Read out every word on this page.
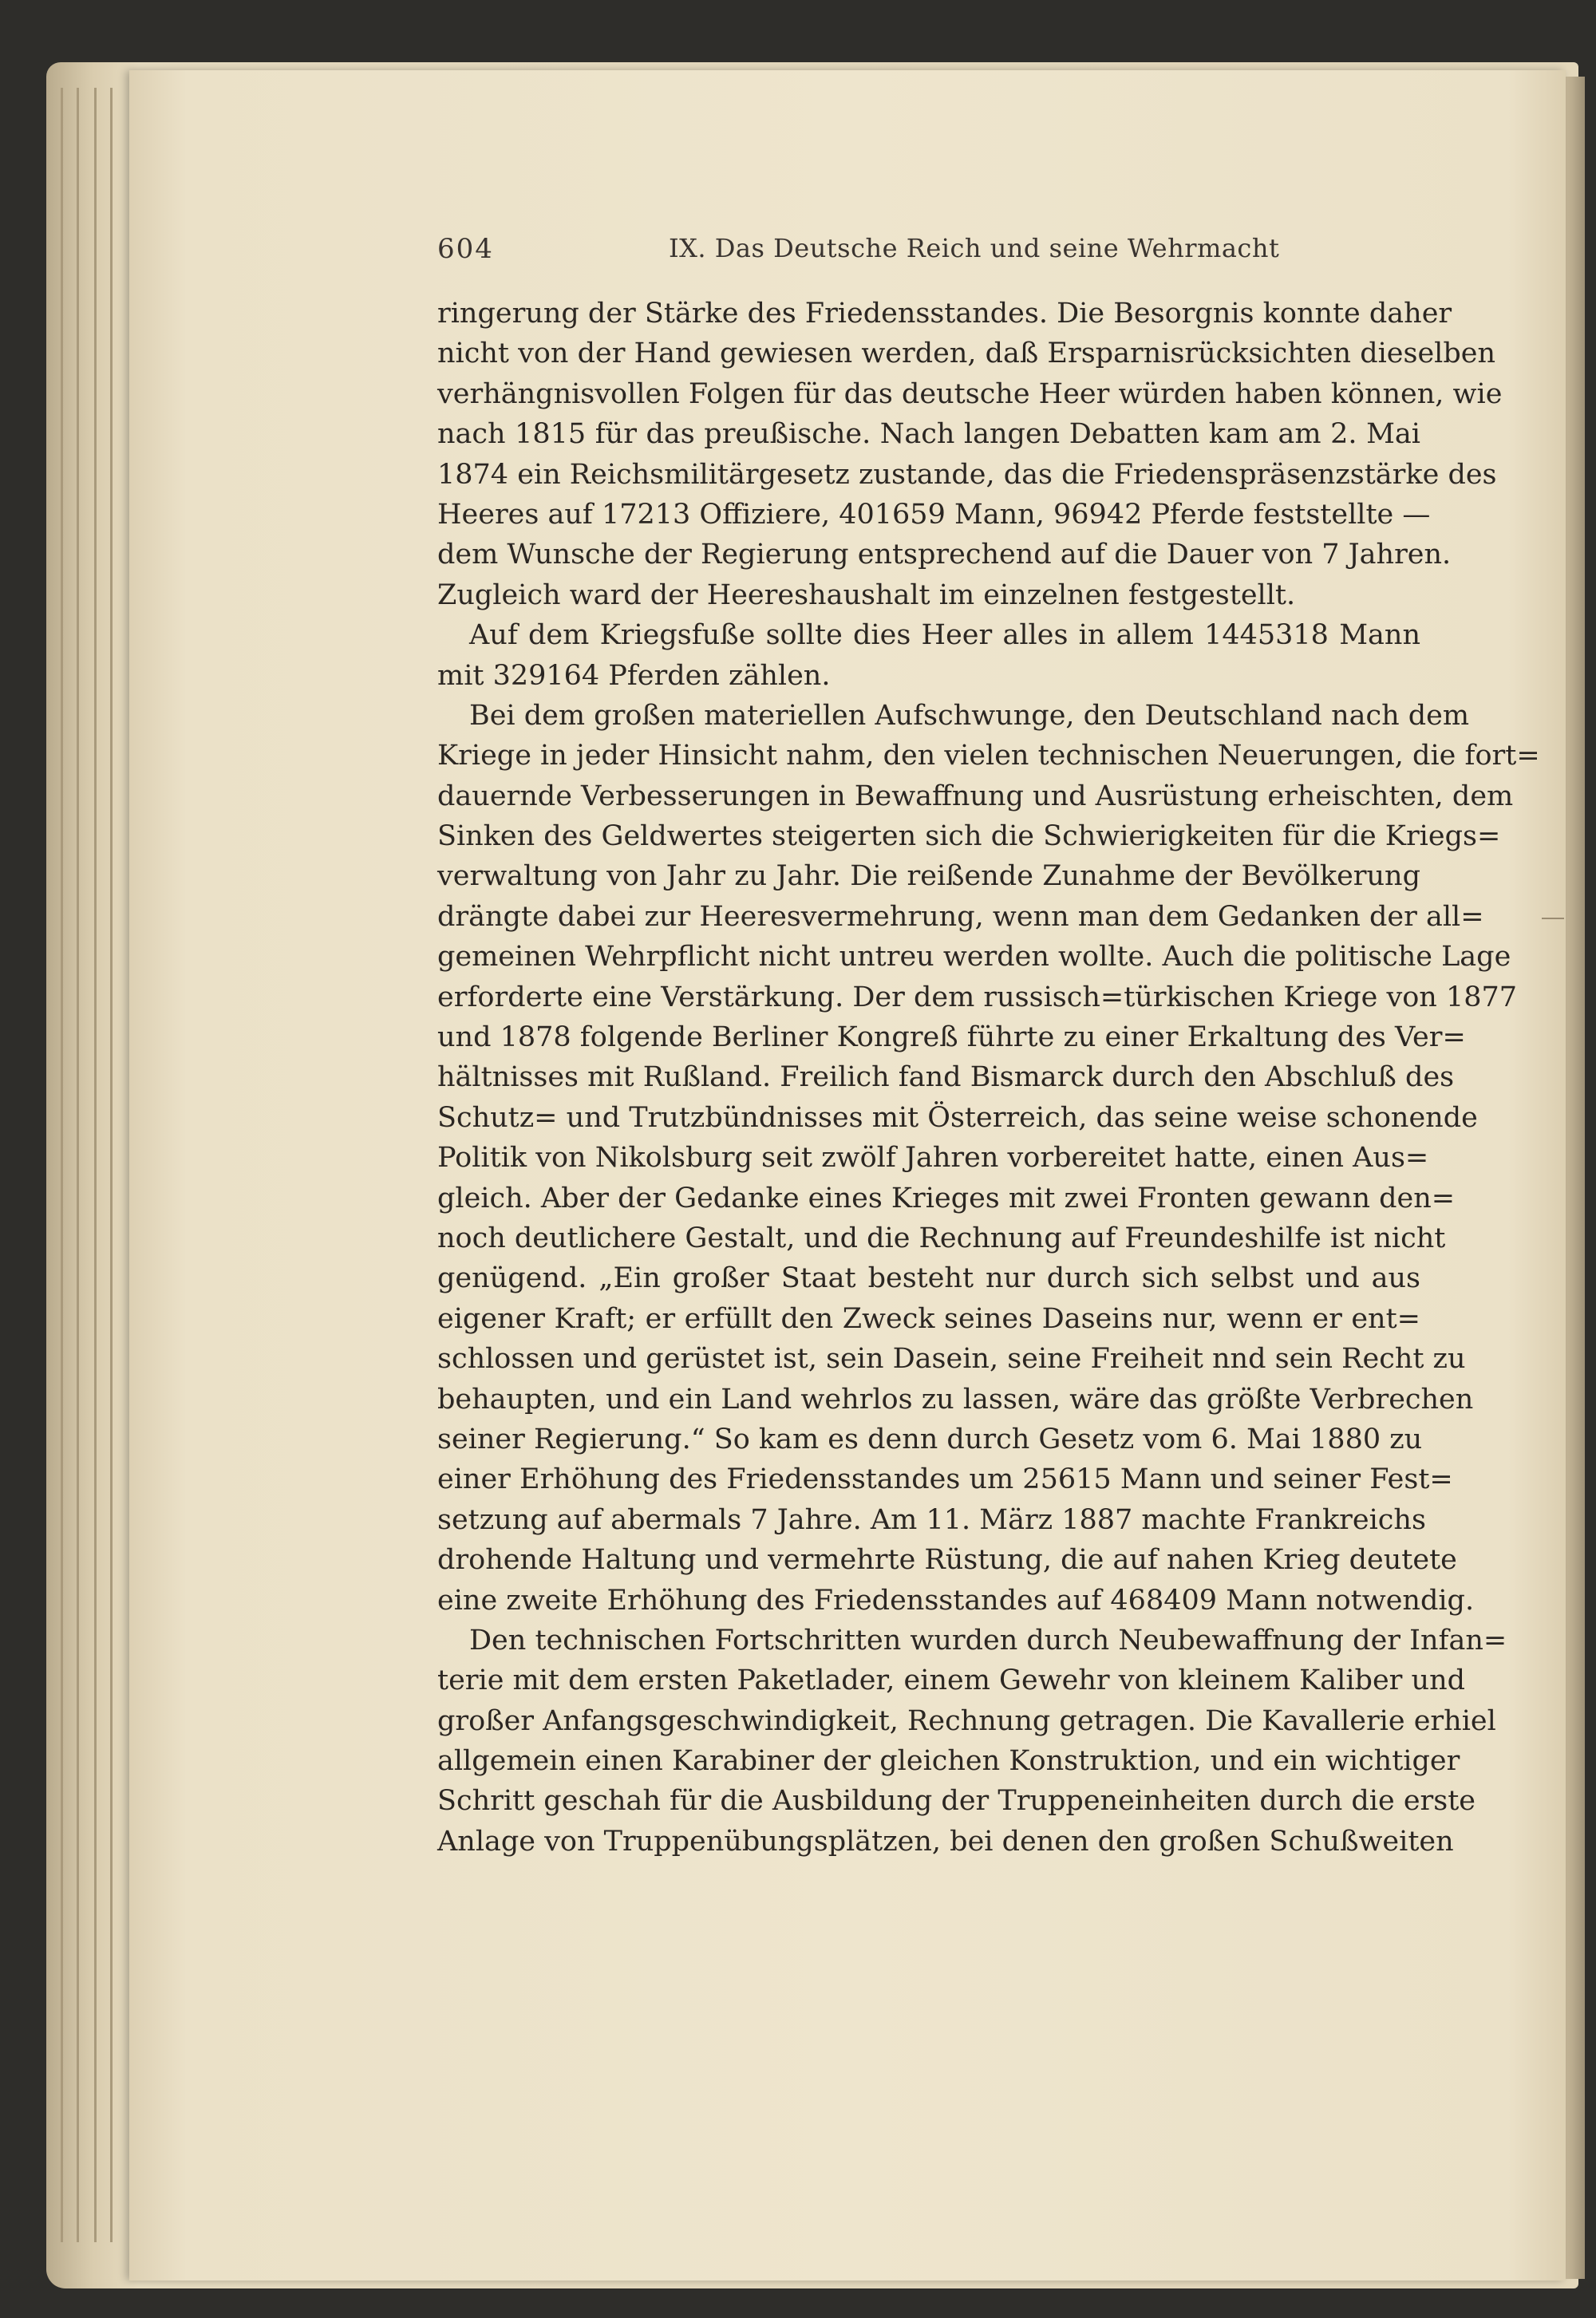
604	IX. Das Deutsche Reich und seine Wehrmacht
ringerung der Stärke des Friedensstandes. Die Besorgnis konnte daher
nicht von der Hand gewiesen werden, daß Ersparnisrücksichten dieselben
verhängnisvollen Folgen für das deutsche Heer würden haben können, wie
nach 1815 für das preußische. Nach langen Debatten kam am 2. Mai
1874 ein Reichsmilitärgesetz zustande, das die Friedenspräsenzstärke des
Heeres auf 17213 Offiziere, 401659 Mann, 96942 Pferde feststellte —
dem Wunsche der Regierung entsprechend auf die Dauer von 7 Jahren.
Zugleich ward der Heereshaushalt im einzelnen festgestellt.
Auf dem Kriegsfuße sollte dies Heer alles in allem 1445318 Mann
mit 329164 Pferden zählen.
Bei dem großen materiellen Aufschwunge, den Deutschland nach dem
Kriege in jeder Hinsicht nahm, den vielen technischen Neuerungen, die fort=
dauernde Verbesserungen in Bewaffnung und Ausrüstung erheischten, dem
Sinken des Geldwertes steigerten sich die Schwierigkeiten für die Kriegs=
verwaltung von Jahr zu Jahr. Die reißende Zunahme der Bevölkerung
drängte dabei zur Heeresvermehrung, wenn man dem Gedanken der all=
gemeinen Wehrpflicht nicht untreu werden wollte. Auch die politische Lage
erforderte eine Verstärkung. Der dem russisch=türkischen Kriege von 1877
und 1878 folgende Berliner Kongreß führte zu einer Erkaltung des Ver=
hältnisses mit Rußland. Freilich fand Bismarck durch den Abschluß des
Schutz= und Trutzbündnisses mit Österreich, das seine weise schonende
Politik von Nikolsburg seit zwölf Jahren vorbereitet hatte, einen Aus=
gleich. Aber der Gedanke eines Krieges mit zwei Fronten gewann den=
noch deutlichere Gestalt, und die Rechnung auf Freundeshilfe ist nicht
genügend. „Ein großer Staat besteht nur durch sich selbst und aus
eigener Kraft; er erfüllt den Zweck seines Daseins nur, wenn er ent=
schlossen und gerüstet ist, sein Dasein, seine Freiheit nnd sein Recht zu
behaupten, und ein Land wehrlos zu lassen, wäre das größte Verbrechen
seiner Regierung.“ So kam es denn durch Gesetz vom 6. Mai 1880 zu
einer Erhöhung des Friedensstandes um 25615 Mann und seiner Fest=
setzung auf abermals 7 Jahre. Am 11. März 1887 machte Frankreichs
drohende Haltung und vermehrte Rüstung, die auf nahen Krieg deutete
eine zweite Erhöhung des Friedensstandes auf 468409 Mann notwendig.
Den technischen Fortschritten wurden durch Neubewaffnung der Infan=
terie mit dem ersten Paketlader, einem Gewehr von kleinem Kaliber und
großer Anfangsgeschwindigkeit, Rechnung getragen. Die Kavallerie erhiel
allgemein einen Karabiner der gleichen Konstruktion, und ein wichtiger
Schritt geschah für die Ausbildung der Truppeneinheiten durch die erste
Anlage von Truppenübungsplätzen, bei denen den großen Schußweiten
